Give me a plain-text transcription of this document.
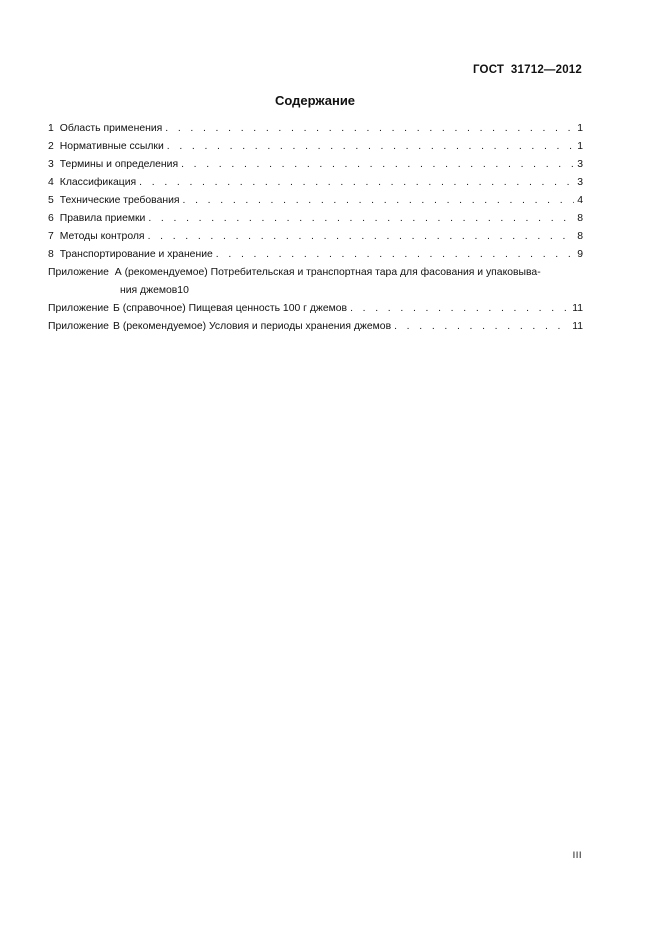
ГОСТ  31712—2012
Содержание
1 Область применения . . .	1
2 Нормативные ссылки . . .	1
3 Термины и определения . . .	3
4 Классификация . . .	3
5 Технические требования . . .	4
6 Правила приемки . . .	8
7 Методы контроля . . .	8
8 Транспортирование и хранение . . .	9
Приложение А (рекомендуемое) Потребительская и транспортная тара для фасования и упаковыва-
ния джемов 10
Приложение Б (справочное) Пищевая ценность 100 г джемов . . .	11
Приложение В (рекомендуемое) Условия и периоды хранения джемов . . .	11
III
